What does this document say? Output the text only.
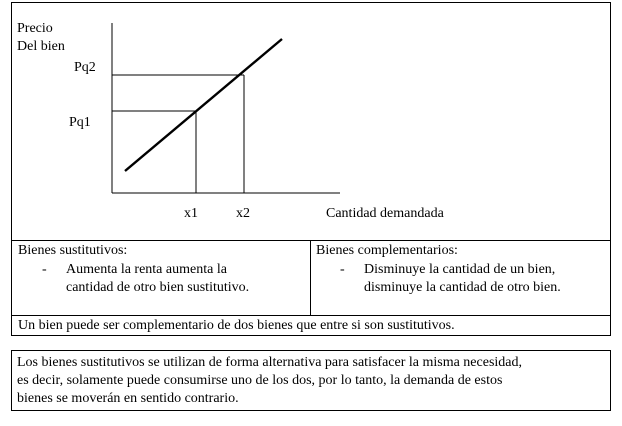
Precio
Del bien
Pq2
Pq1
x1	x2	Cantidad demandada
Bienes sustitutivos:
- Aumenta la renta aumenta la
cantidad de otro bien sustitutivo.
Bienes complementarios:
- Disminuye la cantidad de un bien,
disminuye la cantidad de otro bien.
Un bien puede ser complementario de dos bienes que entre si son sustitutivos.
Los bienes sustitutivos se utilizan de forma alternativa para satisfacer la misma necesidad,
es decir, solamente puede consumirse uno de los dos, por lo tanto, la demanda de estos
bienes se moverán en sentido contrario.
